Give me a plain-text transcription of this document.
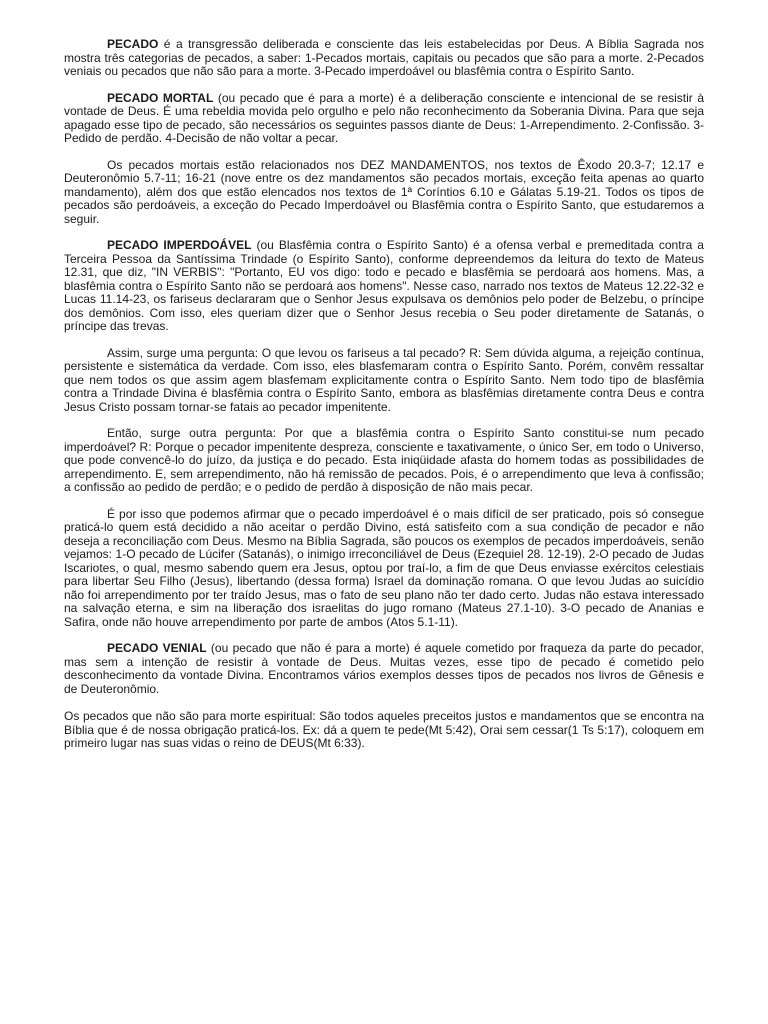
PECADO é a transgressão deliberada e consciente das leis estabelecidas por Deus. A Bíblia Sagrada nos mostra três categorias de pecados, a saber: 1-Pecados mortais, capitais ou pecados que são para a morte. 2-Pecados veniais ou pecados que não são para a morte. 3-Pecado imperdoável ou blasfêmia contra o Espírito Santo.

PECADO MORTAL (ou pecado que é para a morte) é a deliberação consciente e intencional de se resistir à vontade de Deus. É uma rebeldia movida pelo orgulho e pelo não reconhecimento da Soberania Divina. Para que seja apagado esse tipo de pecado, são necessários os seguintes passos diante de Deus: 1-Arrependimento. 2-Confissão. 3-Pedido de perdão. 4-Decisão de não voltar a pecar.

Os pecados mortais estão relacionados nos DEZ MANDAMENTOS, nos textos de Êxodo 20.3-7; 12.17 e Deuteronômio 5.7-11; 16-21 (nove entre os dez mandamentos são pecados mortais, exceção feita apenas ao quarto mandamento), além dos que estão elencados nos textos de 1ª Coríntios 6.10 e Gálatas 5.19-21. Todos os tipos de pecados são perdoáveis, a exceção do Pecado Imperdoável ou Blasfêmia contra o Espírito Santo, que estudaremos a seguir.

PECADO IMPERDOÁVEL (ou Blasfêmia contra o Espírito Santo) é a ofensa verbal e premeditada contra a Terceira Pessoa da Santíssima Trindade (o Espírito Santo), conforme depreendemos da leitura do texto de Mateus 12.31, que diz, "IN VERBIS": "Portanto, EU vos digo: todo e pecado e blasfêmia se perdoará aos homens. Mas, a blasfêmia contra o Espírito Santo não se perdoará aos homens". Nesse caso, narrado nos textos de Mateus 12.22-32 e Lucas 11.14-23, os fariseus declararam que o Senhor Jesus expulsava os demônios pelo poder de Belzebu, o príncipe dos demônios. Com isso, eles queriam dizer que o Senhor Jesus recebia o Seu poder diretamente de Satanás, o príncipe das trevas.

Assim, surge uma pergunta: O que levou os fariseus a tal pecado? R: Sem dúvida alguma, a rejeição contínua, persistente e sistemática da verdade. Com isso, eles blasfemaram contra o Espírito Santo. Porém, convêm ressaltar que nem todos os que assim agem blasfemam explicitamente contra o Espírito Santo. Nem todo tipo de blasfêmia contra a Trindade Divina é blasfêmia contra o Espírito Santo, embora as blasfêmias diretamente contra Deus e contra Jesus Cristo possam tornar-se fatais ao pecador impenitente.

Então, surge outra pergunta: Por que a blasfêmia contra o Espírito Santo constitui-se num pecado imperdoável? R: Porque o pecador impenitente despreza, consciente e taxativamente, o único Ser, em todo o Universo, que pode convencê-lo do juízo, da justiça e do pecado. Esta iniqüidade afasta do homem todas as possibilidades de arrependimento. E, sem arrependimento, não há remissão de pecados. Pois, é o arrependimento que leva à confissão; a confissão ao pedido de perdão; e o pedido de perdão à disposição de não mais pecar.

É por isso que podemos afirmar que o pecado imperdoável é o mais difícil de ser praticado, pois só consegue praticá-lo quem está decidido a não aceitar o perdão Divino, está satisfeito com a sua condição de pecador e não deseja a reconciliação com Deus. Mesmo na Bíblia Sagrada, são poucos os exemplos de pecados imperdoáveis, senão vejamos: 1-O pecado de Lúcifer (Satanás), o inimigo irreconciliável de Deus (Ezequiel 28. 12-19). 2-O pecado de Judas Iscariotes, o qual, mesmo sabendo quem era Jesus, optou por traí-lo, a fim de que Deus enviasse exércitos celestiais para libertar Seu Filho (Jesus), libertando (dessa forma) Israel da dominação romana. O que levou Judas ao suicídio não foi arrependimento por ter traído Jesus, mas o fato de seu plano não ter dado certo. Judas não estava interessado na salvação eterna, e sim na liberação dos israelitas do jugo romano (Mateus 27.1-10). 3-O pecado de Ananias e Safira, onde não houve arrependimento por parte de ambos (Atos 5.1-11).

PECADO VENIAL (ou pecado que não é para a morte) é aquele cometido por fraqueza da parte do pecador, mas sem a intenção de resistir à vontade de Deus. Muitas vezes, esse tipo de pecado é cometido pelo desconhecimento da vontade Divina. Encontramos vários exemplos desses tipos de pecados nos livros de Gênesis e de Deuteronômio.

Os pecados que não são para morte espiritual: São todos aqueles preceitos justos e mandamentos que se encontra na Bíblia que é de nossa obrigação praticá-los. Ex: dá a quem te pede(Mt 5:42), Orai sem cessar(1 Ts 5:17), coloquem em primeiro lugar nas suas vidas o reino de DEUS(Mt 6:33).
